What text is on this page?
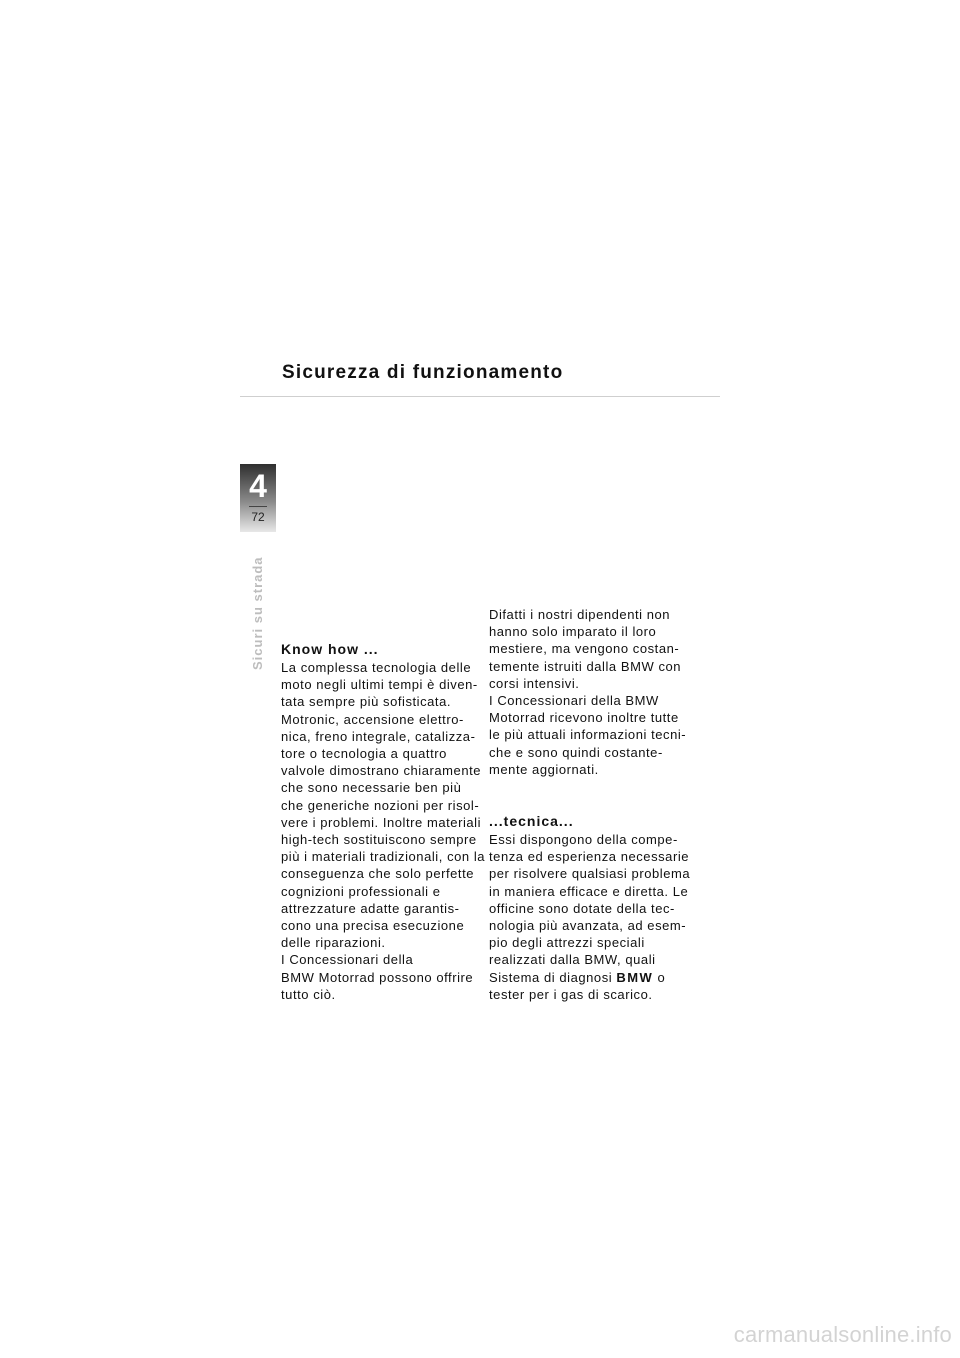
Sicurezza di funzionamento
4
72
Sicuri su strada Know how ...

La complessa tecnologia delle

moto negli ultimi tempi è diven-

tata sempre più sofisticata.

Motronic, accensione elettro-

nica, freno integrale, catalizza-

tore o tecnologia a quattro

valvole dimostrano chiaramente

che sono necessarie ben più

che generiche nozioni per risol-

vere i problemi. Inoltre materiali

high-tech sostituiscono sempre

più i materiali tradizionali, con la

conseguenza che solo perfette

cognizioni professionali e

attrezzature adatte garantis-

cono una precisa esecuzione

delle riparazioni.

I Concessionari della

BMW Motorrad possono offrire

tutto ciò.

Difatti i nostri dipendenti non

hanno solo imparato il loro

mestiere, ma vengono costan-

temente istruiti dalla BMW con

corsi intensivi.

I Concessionari della BMW

Motorrad ricevono inoltre tutte

le più attuali informazioni tecni-

che e sono quindi costante-

mente aggiornati.

...tecnica...

Essi dispongono della compe-

tenza ed esperienza necessarie

per risolvere qualsiasi problema

in maniera efficace e diretta. Le

officine sono dotate della tec-

nologia più avanzata, ad esem-

pio degli attrezzi speciali

realizzati dalla BMW, quali

Sistema di diagnosi BMW o

tester per i gas di scarico.

carmanualsonline.info
